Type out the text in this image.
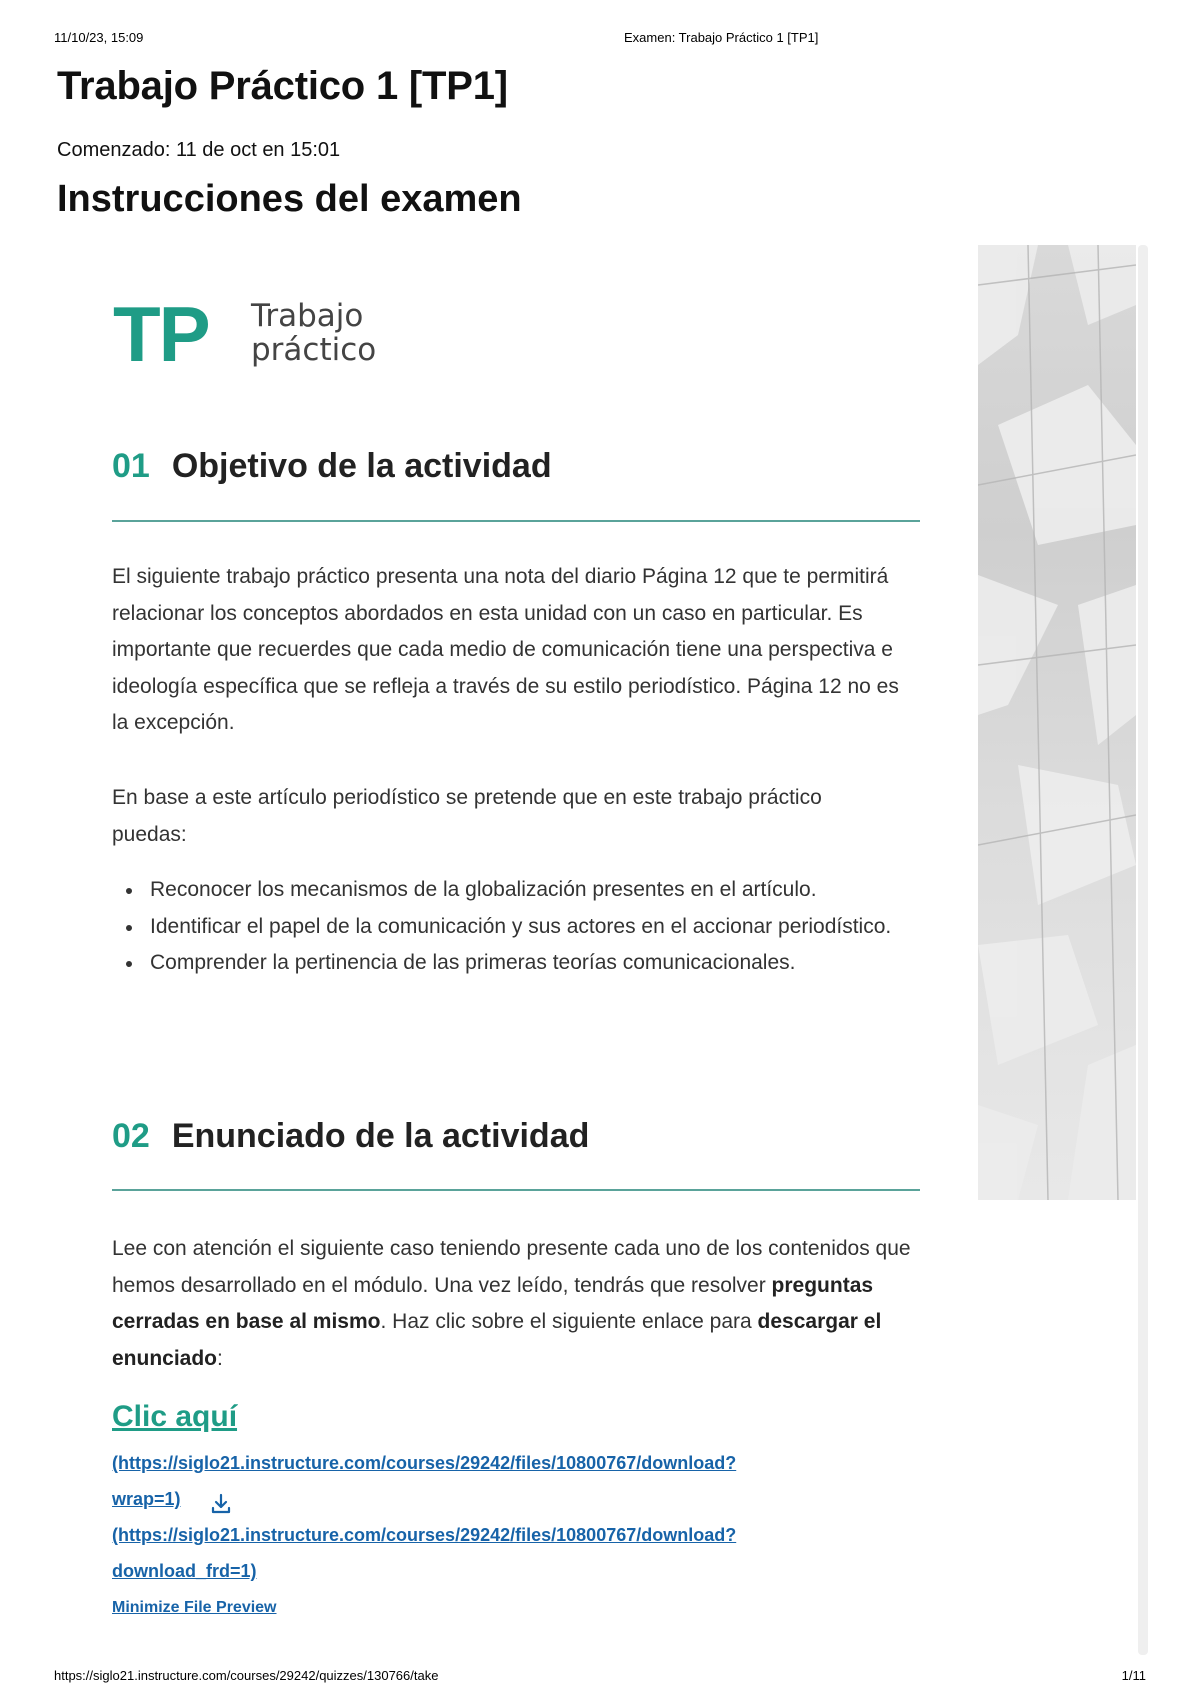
11/10/23, 15:09	Examen: Trabajo Práctico 1 [TP1]
Trabajo Práctico 1 [TP1]

Comenzado: 11 de oct en 15:01

Instrucciones del examen
TP Trabajo
práctico
01 Objetivo de la actividad

El siguiente trabajo práctico presenta una nota del diario Página 12 que te permitirá relacionar los conceptos abordados en esta unidad con un caso en particular. Es importante que recuerdes que cada medio de comunicación tiene una perspectiva e ideología específica que se refleja a través de su estilo periodístico. Página 12 no es la excepción.

En base a este artículo periodístico se pretende que en este trabajo práctico puedas:

Reconocer los mecanismos de la globalización presentes en el artículo.
Identificar el papel de la comunicación y sus actores en el accionar periodístico.
Comprender la pertinencia de las primeras teorías comunicacionales.
02 Enunciado de la actividad

Lee con atención el siguiente caso teniendo presente cada uno de los contenidos que hemos desarrollado en el módulo. Una vez leído, tendrás que resolver preguntas cerradas en base al mismo. Haz clic sobre el siguiente enlace para descargar el enunciado:

Clic aquí
(https://siglo21.instructure.com/courses/29242/files/10800767/download?
wrap=1)
(https://siglo21.instructure.com/courses/29242/files/10800767/download?
download_frd=1)
Minimize File Preview
https://siglo21.instructure.com/courses/29242/quizzes/130766/take	1/11
